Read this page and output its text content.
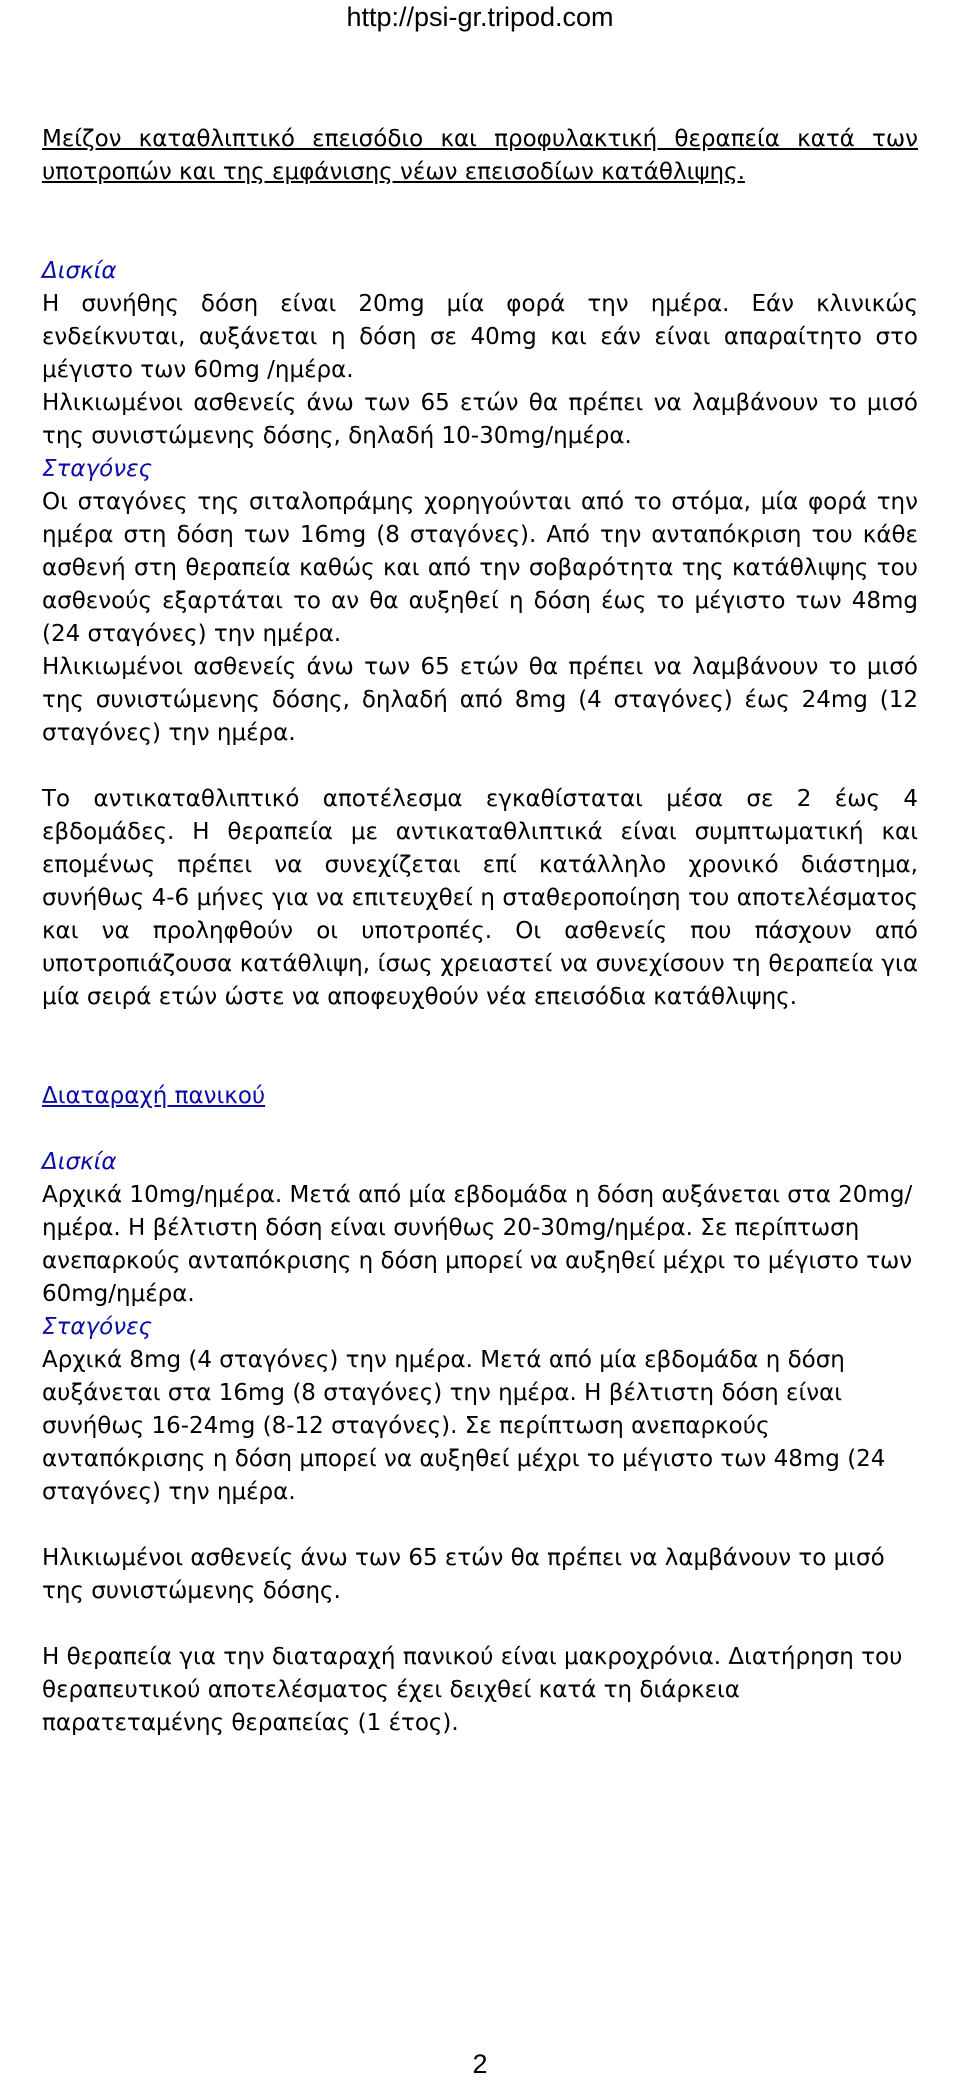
http://psi-gr.tripod.com

Μείζον καταθλιπτικό επεισόδιο και προφυλακτική θεραπεία κατά των υποτροπών και της εμφάνισης νέων επεισοδίων κατάθλιψης.

Δισκία

Η συνήθης δόση είναι 20mg μία φορά την ημέρα. Εάν κλινικώς ενδείκνυται, αυξάνεται η δόση σε 40mg και εάν είναι απαραίτητο στο μέγιστο των 60mg /ημέρα.

Ηλικιωμένοι ασθενείς άνω των 65 ετών θα πρέπει να λαμβάνουν το μισό της συνιστώμενης δόσης, δηλαδή 10-30mg/ημέρα.

Σταγόνες

Οι σταγόνες της σιταλοπράμης χορηγούνται από το στόμα, μία φορά την ημέρα στη δόση των 16mg (8 σταγόνες). Από την ανταπόκριση του κάθε ασθενή στη θεραπεία καθώς και από την σοβαρότητα της κατάθλιψης του ασθενούς εξαρτάται το αν θα αυξηθεί η δόση έως το μέγιστο των 48mg (24 σταγόνες) την ημέρα.

Ηλικιωμένοι ασθενείς άνω των 65 ετών θα πρέπει να λαμβάνουν το μισό της συνιστώμενης δόσης, δηλαδή από 8mg (4 σταγόνες) έως 24mg (12 σταγόνες) την ημέρα.

Το αντικαταθλιπτικό αποτέλεσμα εγκαθίσταται μέσα σε 2 έως 4 εβδομάδες. Η θεραπεία με αντικαταθλιπτικά είναι συμπτωματική και επομένως πρέπει να συνεχίζεται επί κατάλληλο χρονικό διάστημα, συνήθως 4-6 μήνες για να επιτευχθεί η σταθεροποίηση του αποτελέσματος και να προληφθούν οι υποτροπές. Οι ασθενείς που πάσχουν από υποτροπιάζουσα κατάθλιψη, ίσως χρειαστεί να συνεχίσουν τη θεραπεία για μία σειρά ετών ώστε να αποφευχθούν νέα επεισόδια κατάθλιψης.

Διαταραχή πανικού

Δισκία

Αρχικά 10mg/ημέρα. Μετά από μία εβδομάδα η δόση αυξάνεται στα 20mg/ημέρα. Η βέλτιστη δόση είναι συνήθως 20-30mg/ημέρα. Σε περίπτωση ανεπαρκούς ανταπόκρισης η δόση μπορεί να αυξηθεί μέχρι το μέγιστο των 60mg/ημέρα.

Σταγόνες

Αρχικά 8mg (4 σταγόνες) την ημέρα. Μετά από μία εβδομάδα η δόση αυξάνεται στα 16mg (8 σταγόνες) την ημέρα. Η βέλτιστη δόση είναι συνήθως 16-24mg (8-12 σταγόνες). Σε περίπτωση ανεπαρκούς ανταπόκρισης η δόση μπορεί να αυξηθεί μέχρι το μέγιστο των 48mg (24 σταγόνες) την ημέρα.

Ηλικιωμένοι ασθενείς άνω των 65 ετών θα πρέπει να λαμβάνουν το μισό της συνιστώμενης δόσης.

Η θεραπεία για την διαταραχή πανικού είναι μακροχρόνια. Διατήρηση του θεραπευτικού αποτελέσματος έχει δειχθεί κατά τη διάρκεια παρατεταμένης θεραπείας (1 έτος).

2
